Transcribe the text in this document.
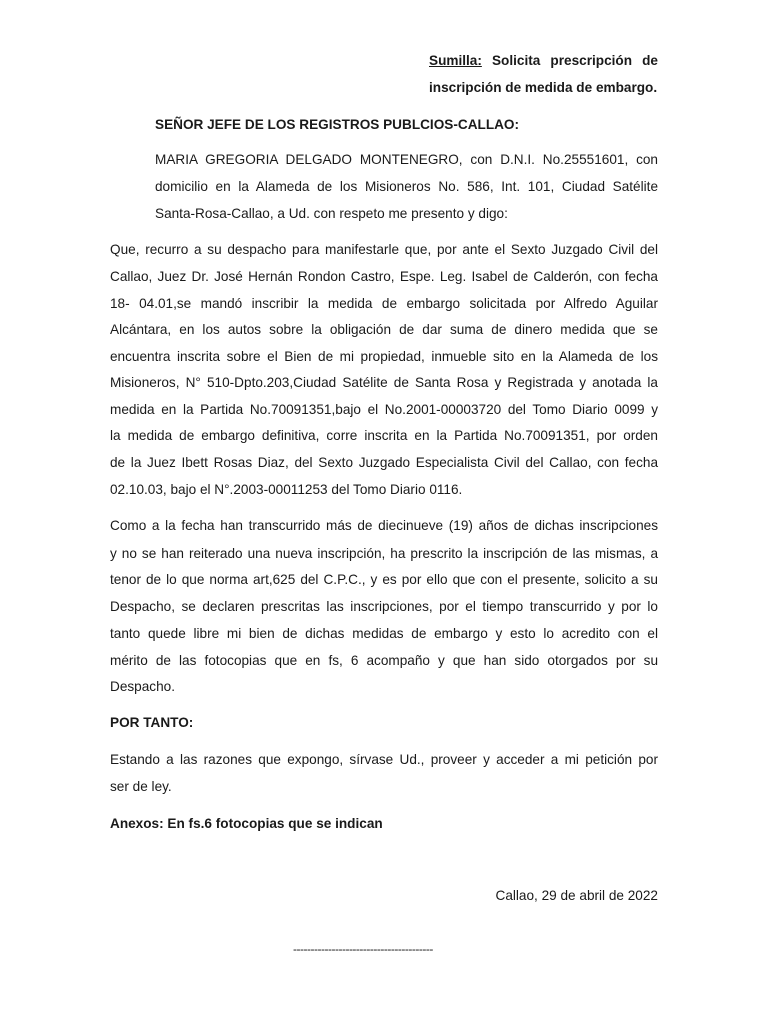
Sumilla: Solicita prescripción de
inscripción de medida de embargo.
SEÑOR JEFE DE LOS REGISTROS PUBLCIOS-CALLAO:
MARIA GREGORIA DELGADO MONTENEGRO, con D.N.I. No.25551601, con
domicilio en la Alameda de los Misioneros No. 586, Int. 101, Ciudad Satélite
Santa-Rosa-Callao, a Ud. con respeto me presento y digo:
Que, recurro a su despacho para manifestarle que, por ante el Sexto Juzgado Civil del
Callao, Juez Dr. José Hernán Rondon Castro, Espe. Leg. Isabel de Calderón, con fecha
18- 04.01,se mandó inscribir la medida de embargo solicitada por Alfredo Aguilar
Alcántara, en los autos sobre la obligación de dar suma de dinero medida que se
encuentra inscrita sobre el Bien de mi propiedad, inmueble sito en la Alameda de los
Misioneros, N° 510-Dpto.203,Ciudad Satélite de Santa Rosa y Registrada y anotada la
medida en la Partida No.70091351,bajo el No.2001-00003720 del Tomo Diario 0099 y
la medida de embargo definitiva, corre inscrita en la Partida No.70091351, por orden
de la Juez Ibett Rosas Diaz, del Sexto Juzgado Especialista Civil del Callao, con fecha
02.10.03, bajo el N°.2003-00011253 del Tomo Diario 0116.
Como a la fecha han transcurrido más de diecinueve (19) años de dichas inscripciones
y no se han reiterado una nueva inscripción, ha prescrito la inscripción de las mismas, a
tenor de lo que norma art,625 del C.P.C., y es por ello que con el presente, solicito a su
Despacho, se declaren prescritas las inscripciones, por el tiempo transcurrido y por lo
tanto quede libre mi bien de dichas medidas de embargo y esto lo acredito con el
mérito de las fotocopias que en fs, 6 acompaño y que han sido otorgados por su
Despacho.
POR TANTO:
Estando a las razones que expongo, sírvase Ud., proveer y acceder a mi petición por
ser de ley.
Anexos: En fs.6 fotocopias que se indican
Callao, 29 de abril de 2022
----------------------------------------
